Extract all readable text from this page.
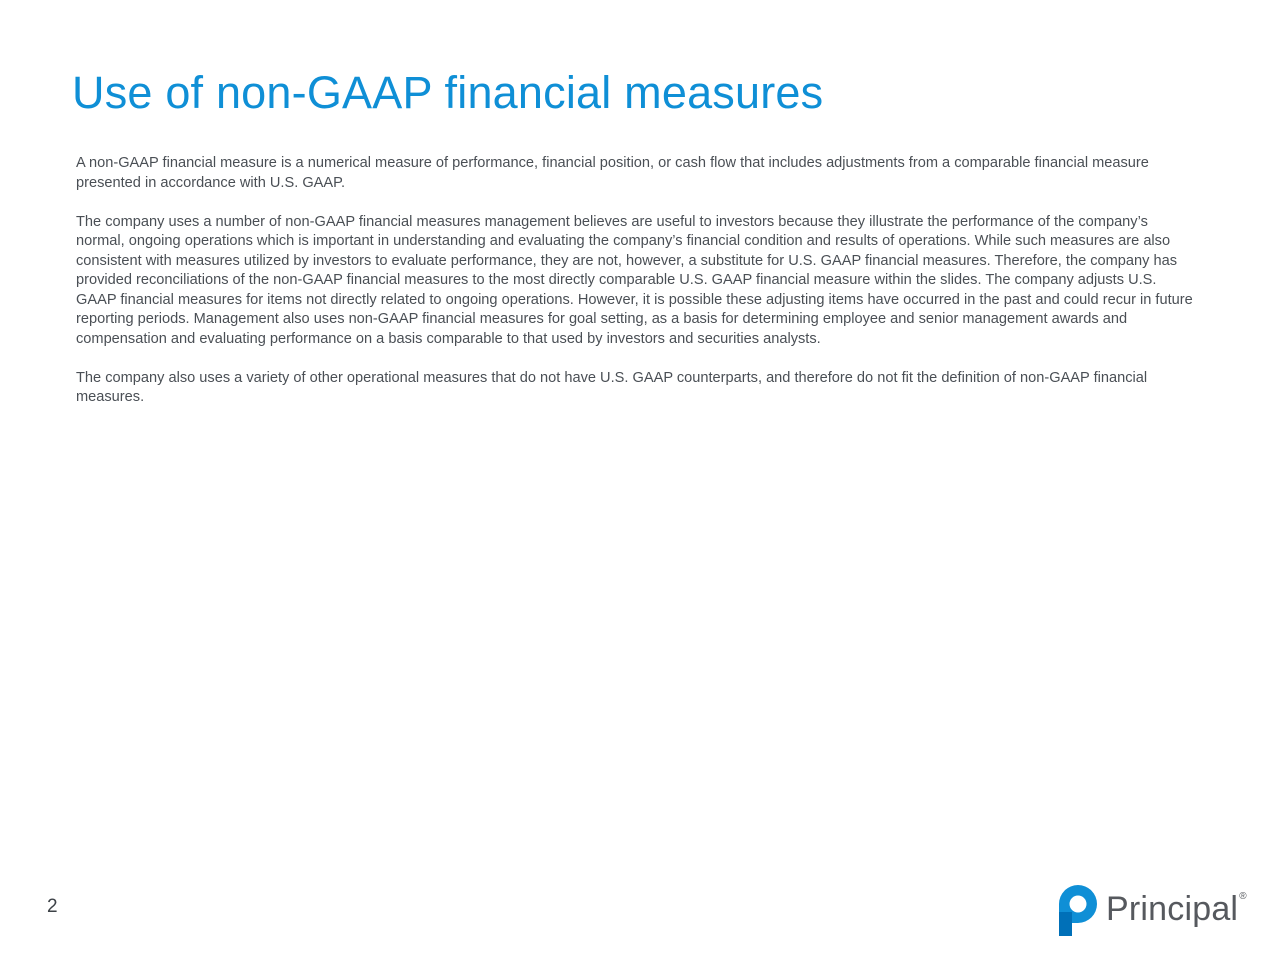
Use of non-GAAP financial measures

A non-GAAP financial measure is a numerical measure of performance, financial position, or cash flow that includes adjustments from a comparable financial measure presented in accordance with U.S. GAAP.

The company uses a number of non-GAAP financial measures management believes are useful to investors because they illustrate the performance of the company’s normal, ongoing operations which is important in understanding and evaluating the company’s financial condition and results of operations. While such measures are also consistent with measures utilized by investors to evaluate performance, they are not, however, a substitute for U.S. GAAP financial measures. Therefore, the company has provided reconciliations of the non-GAAP financial measures to the most directly comparable U.S. GAAP financial measure within the slides. The company adjusts U.S. GAAP financial measures for items not directly related to ongoing operations. However, it is possible these adjusting items have occurred in the past and could recur in future reporting periods. Management also uses non-GAAP financial measures for goal setting, as a basis for determining employee and senior management awards and compensation and evaluating performance on a basis comparable to that used by investors and securities analysts.

The company also uses a variety of other operational measures that do not have U.S. GAAP counterparts, and therefore do not fit the definition of non-GAAP financial measures.

2	Principal ®
